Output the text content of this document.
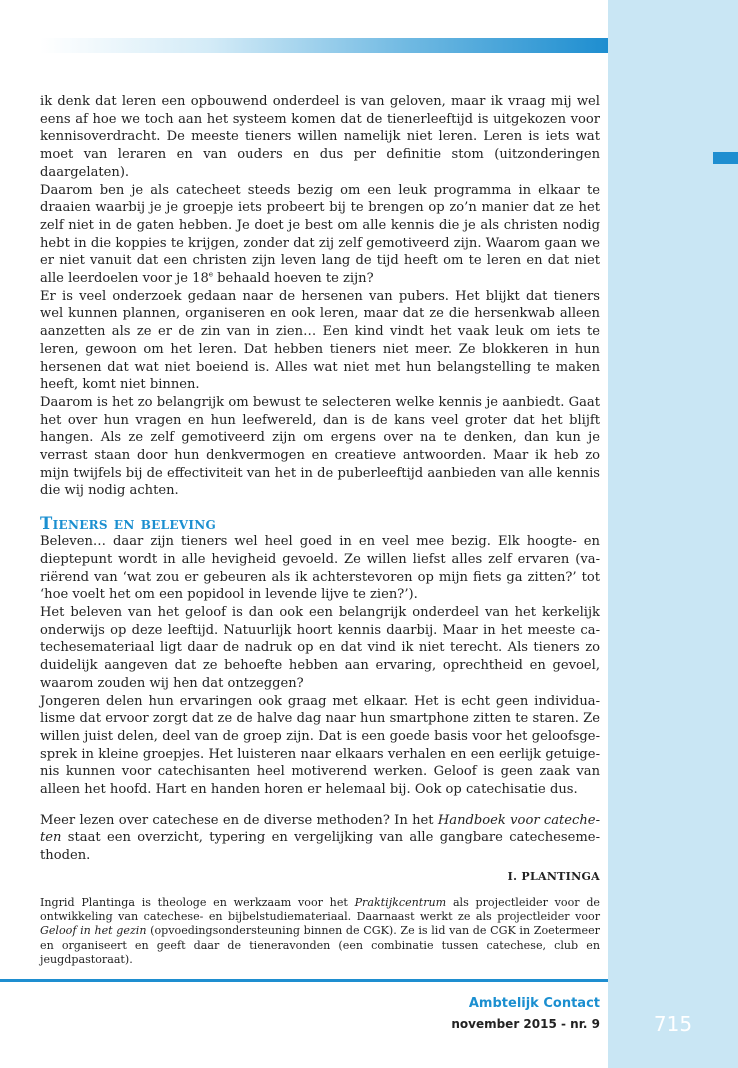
ik denk dat leren een opbouwend onderdeel is van geloven, maar ik vraag mij wel eens af hoe we toch aan het systeem komen dat de tienerleeftijd is uitgekozen voor kennisoverdracht. De meeste tieners willen namelijk niet leren. Leren is iets wat moet van leraren en van ouders en dus per definitie stom (uitzonderingen daargelaten).

Daarom ben je als catecheet steeds bezig om een leuk programma in elkaar te draaien waarbij je je groepje iets probeert bij te brengen op zo’n manier dat ze het zelf niet in de gaten hebben. Je doet je best om alle kennis die je als christen nodig hebt in die koppies te krijgen, zonder dat zij zelf gemotiveerd zijn. Waarom gaan we er niet vanuit dat een christen zijn leven lang de tijd heeft om te leren en dat niet alle leerdoelen voor je 18e behaald hoeven te zijn?

Er is veel onderzoek gedaan naar de hersenen van pubers. Het blijkt dat tieners wel kunnen plannen, organiseren en ook leren, maar dat ze die hersenkwab alleen aanzetten als ze er de zin van in zien… Een kind vindt het vaak leuk om iets te leren, gewoon om het leren. Dat hebben tieners niet meer. Ze blokkeren in hun hersenen dat wat niet boeiend is. Alles wat niet met hun belangstelling te maken heeft, komt niet binnen.

Daarom is het zo belangrijk om bewust te selecteren welke kennis je aanbiedt. Gaat het over hun vragen en hun leefwereld, dan is de kans veel groter dat het blijft hangen. Als ze zelf gemotiveerd zijn om ergens over na te denken, dan kun je verrast staan door hun denkvermogen en creatieve antwoorden. Maar ik heb zo mijn twijfels bij de effectiviteit van het in de puberleeftijd aanbieden van alle kennis die wij nodig achten.

Tieners en beleving

Beleven… daar zijn tieners wel heel goed in en veel mee bezig. Elk hoogte- en dieptepunt wordt in alle hevigheid gevoeld. Ze willen liefst alles zelf ervaren (variërend van ‘wat zou er gebeuren als ik achterstevoren op mijn fiets ga zitten?’ tot ‘hoe voelt het om een popidool in levende lijve te zien?’).

Het beleven van het geloof is dan ook een belangrijk onderdeel van het kerkelijk onderwijs op deze leeftijd. Natuurlijk hoort kennis daarbij. Maar in het meeste catechesemateriaal ligt daar de nadruk op en dat vind ik niet terecht. Als tieners zo duidelijk aangeven dat ze behoefte hebben aan ervaring, oprechtheid en gevoel, waarom zouden wij hen dat ontzeggen?

Jongeren delen hun ervaringen ook graag met elkaar. Het is echt geen individualisme dat ervoor zorgt dat ze de halve dag naar hun smartphone zitten te staren. Ze willen juist delen, deel van de groep zijn. Dat is een goede basis voor het geloofsgesprek in kleine groepjes. Het luisteren naar elkaars verhalen en een eerlijk getuigenis kunnen voor catechisanten heel motiverend werken. Geloof is geen zaak van alleen het hoofd. Hart en handen horen er helemaal bij. Ook op catechisatie dus.

Meer lezen over catechese en de diverse methoden? In het Handboek voor catecheten staat een overzicht, typering en vergelijking van alle gangbare catechesemethoden.

I. PLANTINGA

Ingrid Plantinga is theologe en werkzaam voor het Praktijkcentrum als projectleider voor de ontwikkeling van catechese- en bijbelstudiemateriaal. Daarnaast werkt ze als projectleider voor Geloof in het gezin (opvoedingsondersteuning binnen de CGK). Ze is lid van de CGK in Zoetermeer en organiseert en geeft daar de tieneravonden (een combinatie tussen catechese, club en jeugdpastoraat).

Ambtelijk Contact
november 2015 - nr. 9	715
